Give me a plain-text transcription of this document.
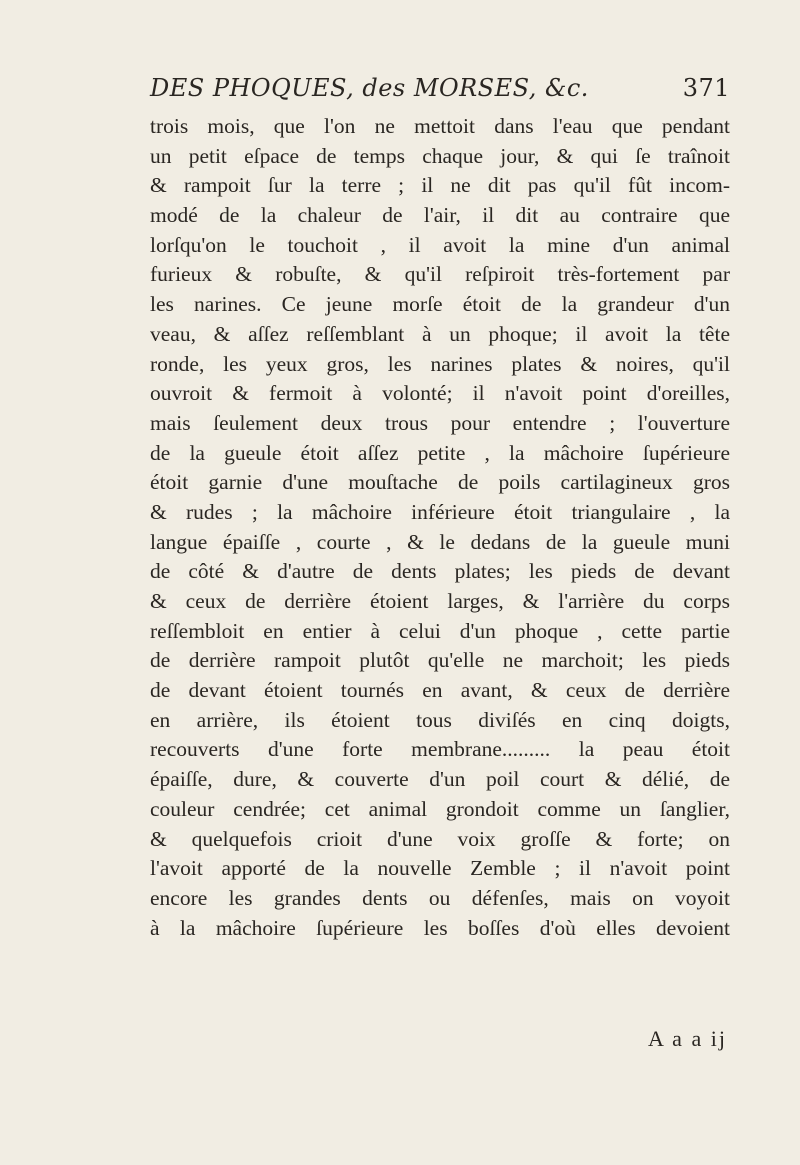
DES PHOQUES, des MORSES, &c.	371
trois mois, que l'on ne mettoit dans l'eau que pendant
un petit eſpace de temps chaque jour, & qui ſe traînoit
& rampoit ſur la terre ; il ne dit pas qu'il fût incom-
modé de la chaleur de l'air, il dit au contraire que
lorſqu'on le touchoit , il avoit la mine d'un animal
furieux & robuſte, & qu'il reſpiroit très-fortement par
les narines. Ce jeune morſe étoit de la grandeur d'un
veau, & aſſez reſſemblant à un phoque; il avoit la tête
ronde, les yeux gros, les narines plates & noires, qu'il
ouvroit & fermoit à volonté; il n'avoit point d'oreilles,
mais ſeulement deux trous pour entendre ; l'ouverture
de la gueule étoit aſſez petite , la mâchoire ſupérieure
étoit garnie d'une mouſtache de poils cartilagineux gros
& rudes ; la mâchoire inférieure étoit triangulaire , la
langue épaiſſe , courte , & le dedans de la gueule muni
de côté & d'autre de dents plates; les pieds de devant
& ceux de derrière étoient larges, & l'arrière du corps
reſſembloit en entier à celui d'un phoque , cette partie
de derrière rampoit plutôt qu'elle ne marchoit; les pieds
de devant étoient tournés en avant, & ceux de derrière
en arrière, ils étoient tous diviſés en cinq doigts,
recouverts d'une forte membrane......... la peau étoit
épaiſſe, dure, & couverte d'un poil court & délié, de
couleur cendrée; cet animal grondoit comme un ſanglier,
& quelquefois crioit d'une voix groſſe & forte; on
l'avoit apporté de la nouvelle Zemble ; il n'avoit point
encore les grandes dents ou défenſes, mais on voyoit
à la mâchoire ſupérieure les boſſes d'où elles devoient
A a a ij
